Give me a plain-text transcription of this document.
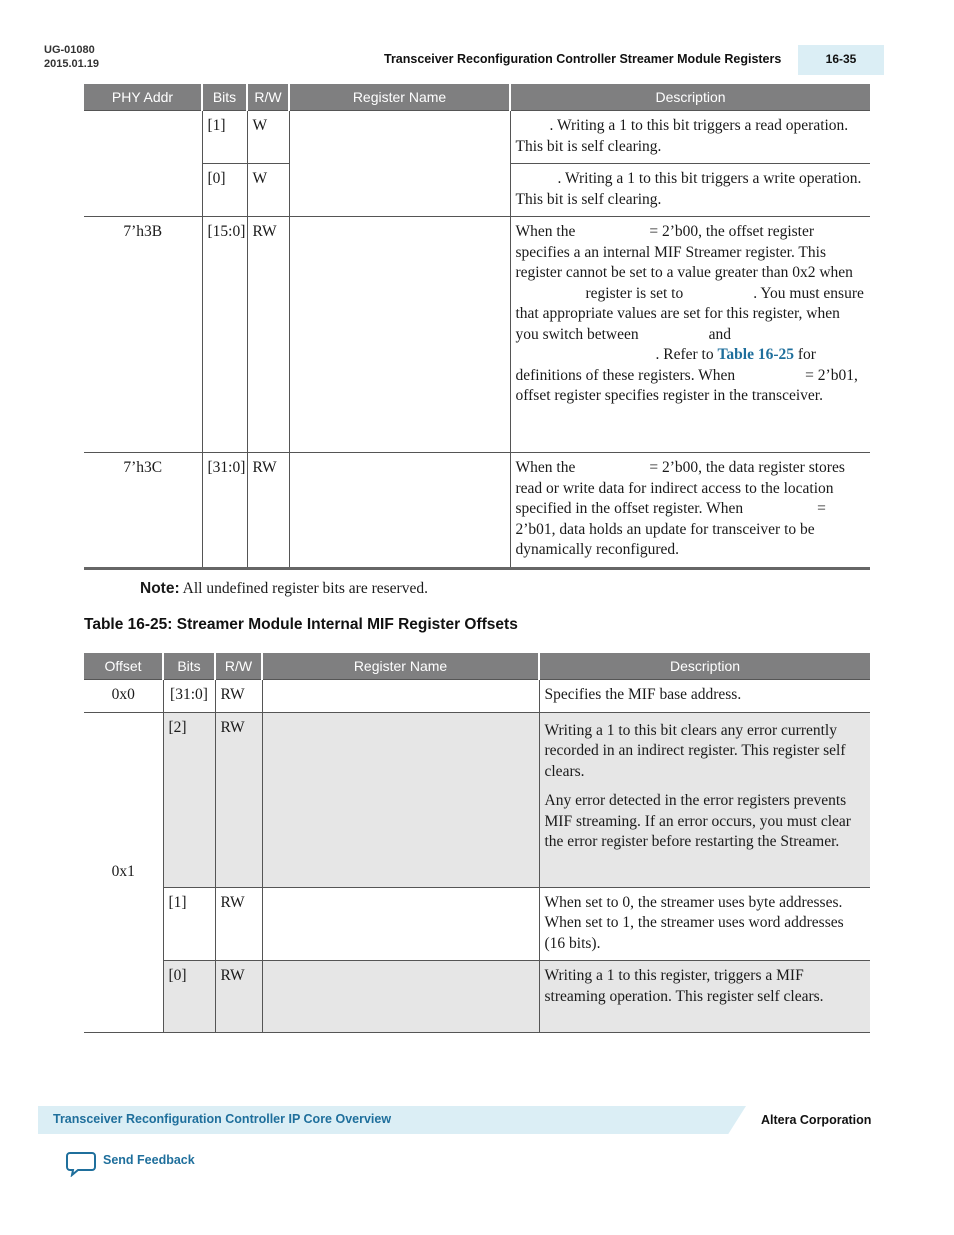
UG-01080
2015.01.19	Transceiver Reconfiguration Controller Streamer Module Registers	16-35
PHY Addr	Bits	R/W	Register Name	Description
	[1]	W		. Writing a 1 to this bit triggers a read operation. This bit is self clearing.
	[0]	W		. Writing a 1 to this bit triggers a write operation. This bit is self clearing.
7’h3B	[15:0]	RW		When the = 2’b00, the offset register specifies a an internal MIF Streamer register. This register cannot be set to a value greater than 0x2 whenregister is set to . You must ensure that appropriate values are set for this register, when you switch between and. Refer to Table 16-25 for definitions of these registers. When = 2’b01, offset register specifies register in the transceiver.
7’h3C	[31:0]	RW		When the = 2’b00, the data register stores read or write data for indirect access to the location specified in the offset register. When = 2’b01, data holds an update for transceiver to be dynamically reconfigured.
Note: All undefined register bits are reserved.
Table 16-25: Streamer Module Internal MIF Register Offsets
Offset	Bits	R/W	Register Name	Description
0x0	[31:0]	RW		Specifies the MIF base address.
0x1	[2]	RW		Writing a 1 to this bit clears any error currently recorded in an indirect register. This register self clears.
Any error detected in the error registers prevents MIF streaming. If an error occurs, you must clear the error register before restarting the Streamer.

	[1]	RW		When set to 0, the streamer uses byte addresses. When set to 1, the streamer uses word addresses (16 bits).
	[0]	RW		Writing a 1 to this register, triggers a MIF streaming operation. This register self clears.
Transceiver Reconfiguration Controller IP Core Overview	Altera Corporation
Send Feedback
